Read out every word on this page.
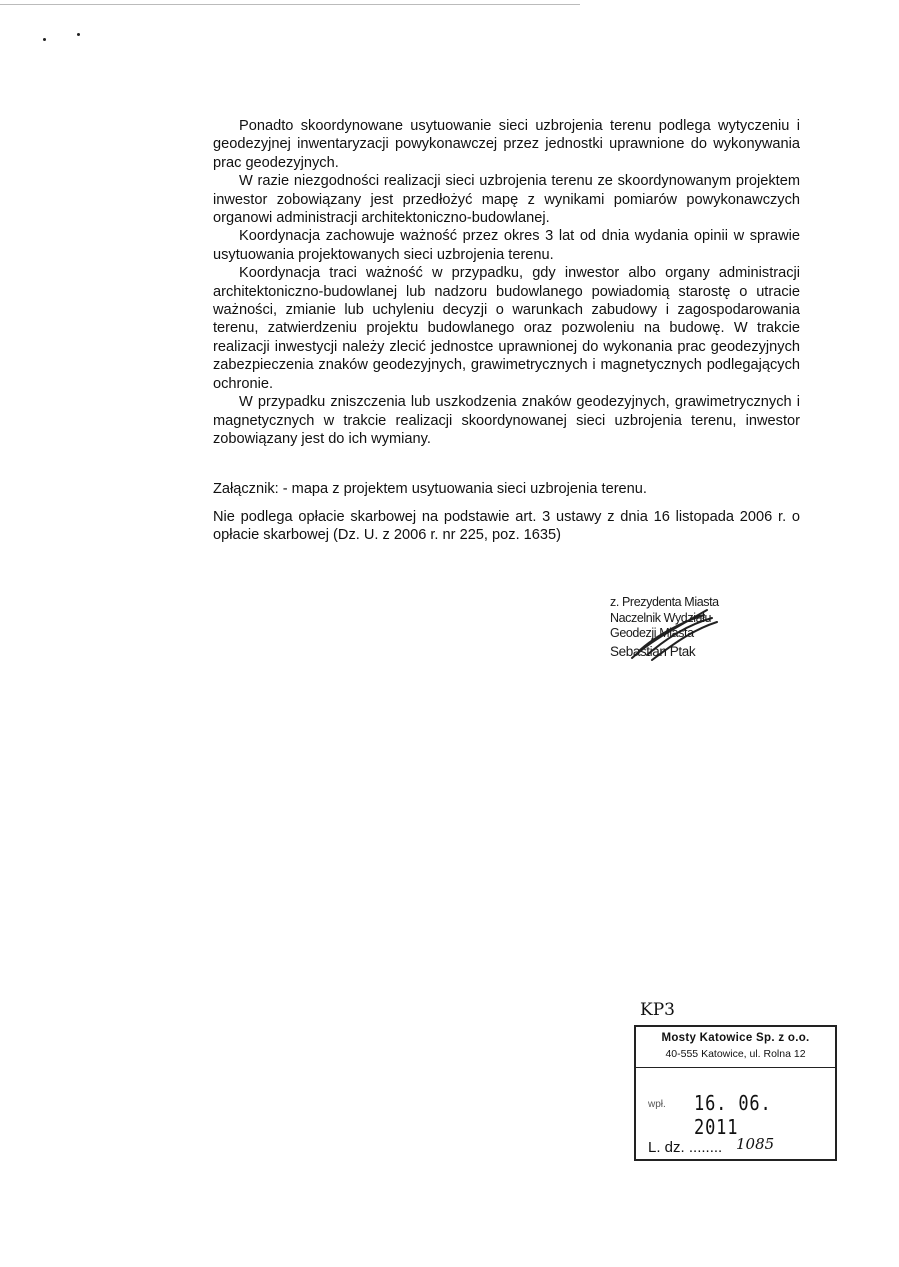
Ponadto skoordynowane usytuowanie sieci uzbrojenia terenu podlega wytyczeniu i geodezyjnej inwentaryzacji powykonawczej przez jednostki uprawnione do wykonywania prac geodezyjnych.

W razie niezgodności realizacji sieci uzbrojenia terenu ze skoordynowanym projektem inwestor zobowiązany jest przedłożyć mapę z wynikami pomiarów powykonawczych organowi administracji architektoniczno-budowlanej.

Koordynacja zachowuje ważność przez okres 3 lat od dnia wydania opinii w sprawie usytuowania projektowanych sieci uzbrojenia terenu.

Koordynacja traci ważność w przypadku, gdy inwestor albo organy administracji architektoniczno-budowlanej lub nadzoru budowlanego powiadomią starostę o utracie ważności, zmianie lub uchyleniu decyzji o warunkach zabudowy i zagospodarowania terenu, zatwierdzeniu projektu budowlanego oraz pozwoleniu na budowę. W trakcie realizacji inwestycji należy zlecić jednostce uprawnionej do wykonania prac geodezyjnych zabezpieczenia znaków geodezyjnych, grawimetrycznych i magnetycznych podlegających ochronie.

W przypadku zniszczenia lub uszkodzenia znaków geodezyjnych, grawimetrycznych i magnetycznych w trakcie realizacji skoordynowanej sieci uzbrojenia terenu, inwestor zobowiązany jest do ich wymiany.

Załącznik: - mapa z projektem usytuowania sieci uzbrojenia terenu.
Nie podlega opłacie skarbowej na podstawie art. 3 ustawy z dnia 16 listopada 2006 r. o opłacie skarbowej (Dz. U. z 2006 r. nr 225, poz. 1635)
z. Prezydenta Miasta
Naczelnik Wydziału
Geodezji Miasta
Sebastian Ptak
KP3
Mosty Katowice Sp. z o.o.
40-555 Katowice, ul. Rolna 12
wpł. 16. 06. 2011
L. dz. ........ 1085
